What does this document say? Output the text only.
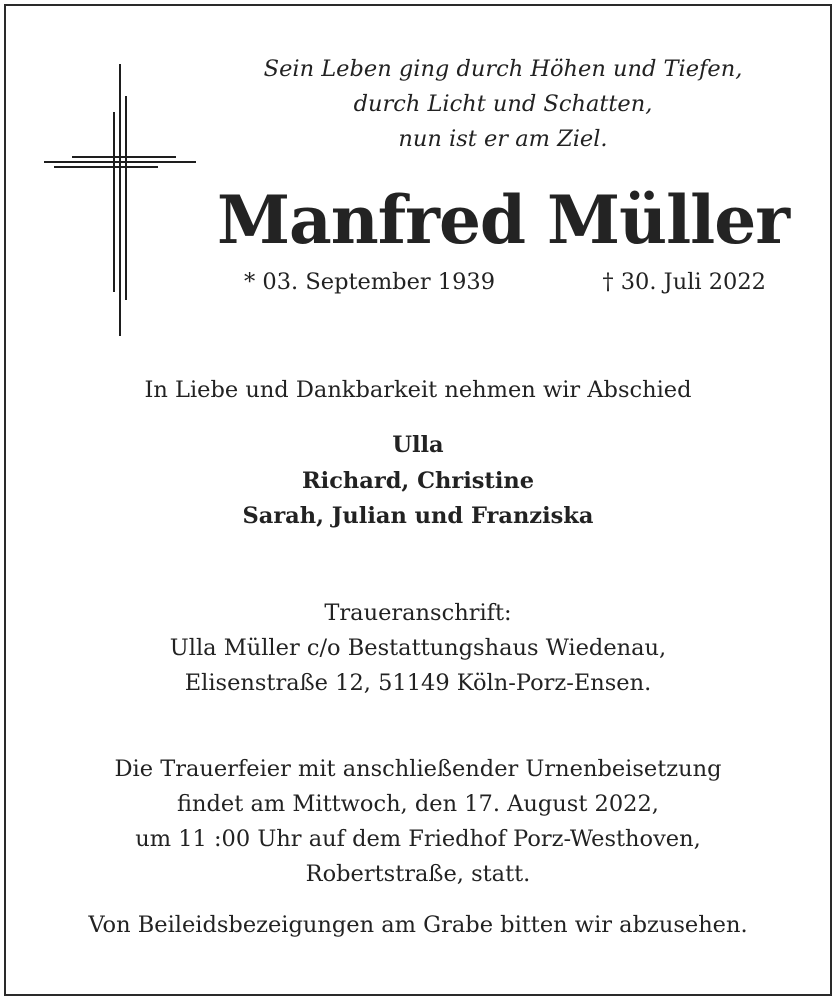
Sein Leben ging durch Höhen und Tiefen,
durch Licht und Schatten,
nun ist er am Ziel.
Manfred Müller
* 03. September 1939	† 30. Juli 2022
In Liebe und Dankbarkeit nehmen wir Abschied
Ulla
Richard, Christine
Sarah, Julian und Franziska
Traueranschrift:
Ulla Müller c/o Bestattungshaus Wiedenau,
Elisenstraße 12, 51149 Köln-Porz-Ensen.
Die Trauerfeier mit anschließender Urnenbeisetzung
findet am Mittwoch, den 17. August 2022,
um 11 :00 Uhr auf dem Friedhof Porz-Westhoven,
Robertstraße, statt.
Von Beileidsbezeigungen am Grabe bitten wir abzusehen.
